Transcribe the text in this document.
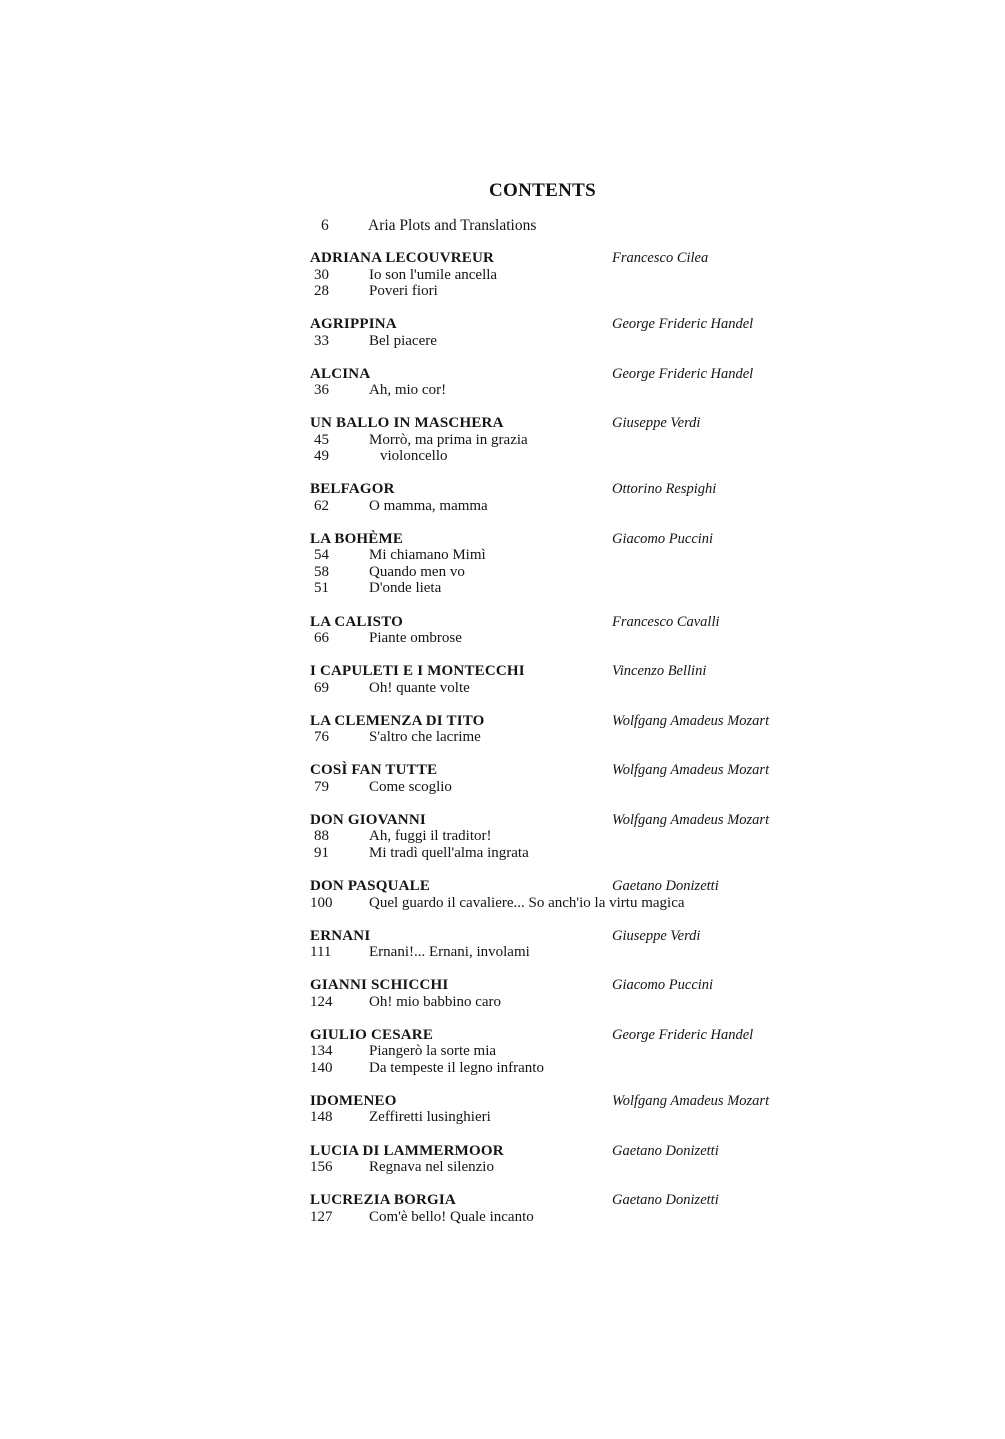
CONTENTS
6	Aria Plots and Translations
ADRIANA LECOUVREUR	Francesco Cilea
30	Io son l'umile ancella
28	Poveri fiori
AGRIPPINA	George Frideric Handel
33	Bel piacere
ALCINA	George Frideric Handel
36	Ah, mio cor!
UN BALLO IN MASCHERA	Giuseppe Verdi
45	Morrò, ma prima in grazia
49	violoncello
BELFAGOR	Ottorino Respighi
62	O mamma, mamma
LA BOHÈME	Giacomo Puccini
54	Mi chiamano Mimì
58	Quando men vo
51	D'onde lieta
LA CALISTO	Francesco Cavalli
66	Piante ombrose
I CAPULETI E I MONTECCHI	Vincenzo Bellini
69	Oh! quante volte
LA CLEMENZA DI TITO	Wolfgang Amadeus Mozart
76	S'altro che lacrime
COSÌ FAN TUTTE	Wolfgang Amadeus Mozart
79	Come scoglio
DON GIOVANNI	Wolfgang Amadeus Mozart
88	Ah, fuggi il traditor!
91	Mi tradì quell'alma ingrata
DON PASQUALE	Gaetano Donizetti
100 Quel guardo il cavaliere... So anch'io la virtu magica
ERNANI	Giuseppe Verdi
111	Ernani!... Ernani, involami
GIANNI SCHICCHI	Giacomo Puccini
124 Oh! mio babbino caro
GIULIO CESARE	George Frideric Handel
134 Piangerò la sorte mia
140 Da tempeste il legno infranto
IDOMENEO	Wolfgang Amadeus Mozart
148 Zeffiretti lusinghieri
LUCIA DI LAMMERMOOR	Gaetano Donizetti
156 Regnava nel silenzio
LUCREZIA BORGIA	Gaetano Donizetti
127 Com'è bello! Quale incanto
